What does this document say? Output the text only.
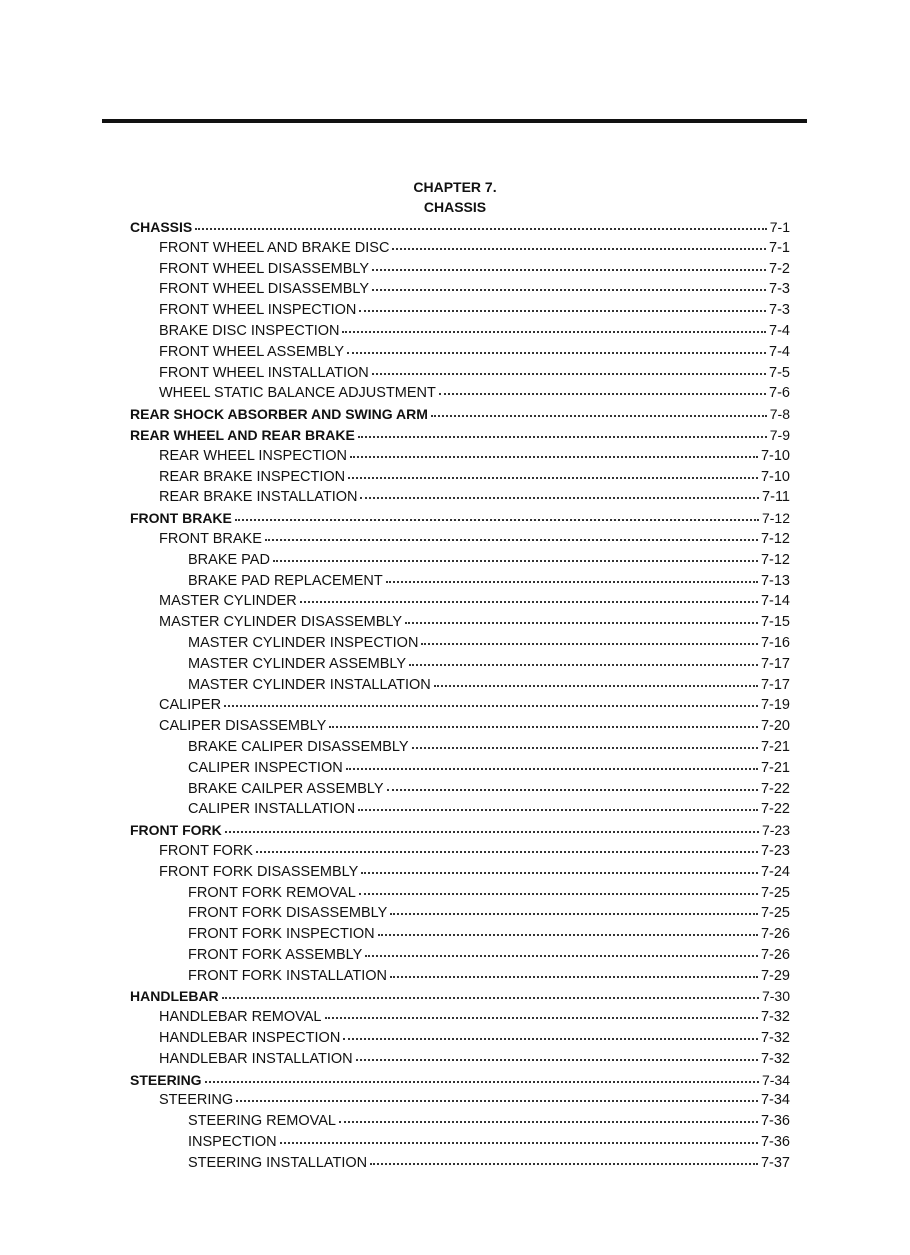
CHAPTER 7.
CHASSIS
CHASSIS	7-1
FRONT WHEEL AND BRAKE DISC	7-1
FRONT WHEEL DISASSEMBLY	7-2
FRONT WHEEL DISASSEMBLY	7-3
FRONT WHEEL INSPECTION	7-3
BRAKE DISC INSPECTION	7-4
FRONT WHEEL ASSEMBLY	7-4
FRONT WHEEL INSTALLATION	7-5
WHEEL STATIC BALANCE ADJUSTMENT	7-6
REAR SHOCK ABSORBER AND SWING ARM	7-8
REAR WHEEL AND REAR BRAKE	7-9
REAR WHEEL INSPECTION	7-10
REAR BRAKE INSPECTION	7-10
REAR BRAKE INSTALLATION	7-11
FRONT BRAKE	7-12
FRONT BRAKE	7-12
BRAKE PAD	7-12
BRAKE PAD REPLACEMENT	7-13
MASTER CYLINDER	7-14
MASTER CYLINDER DISASSEMBLY	7-15
MASTER CYLINDER INSPECTION	7-16
MASTER CYLINDER ASSEMBLY	7-17
MASTER CYLINDER INSTALLATION	7-17
CALIPER	7-19
CALIPER DISASSEMBLY	7-20
BRAKE CALIPER DISASSEMBLY	7-21
CALIPER INSPECTION	7-21
BRAKE CAILPER ASSEMBLY	7-22
CALIPER INSTALLATION	7-22
FRONT FORK	7-23
FRONT FORK	7-23
FRONT FORK DISASSEMBLY	7-24
FRONT FORK REMOVAL	7-25
FRONT FORK DISASSEMBLY	7-25
FRONT FORK INSPECTION	7-26
FRONT FORK ASSEMBLY	7-26
FRONT FORK INSTALLATION	7-29
HANDLEBAR	7-30
HANDLEBAR REMOVAL	7-32
HANDLEBAR INSPECTION	7-32
HANDLEBAR INSTALLATION	7-32
STEERING	7-34
STEERING	7-34
STEERING REMOVAL	7-36
INSPECTION	7-36
STEERING INSTALLATION	7-37
